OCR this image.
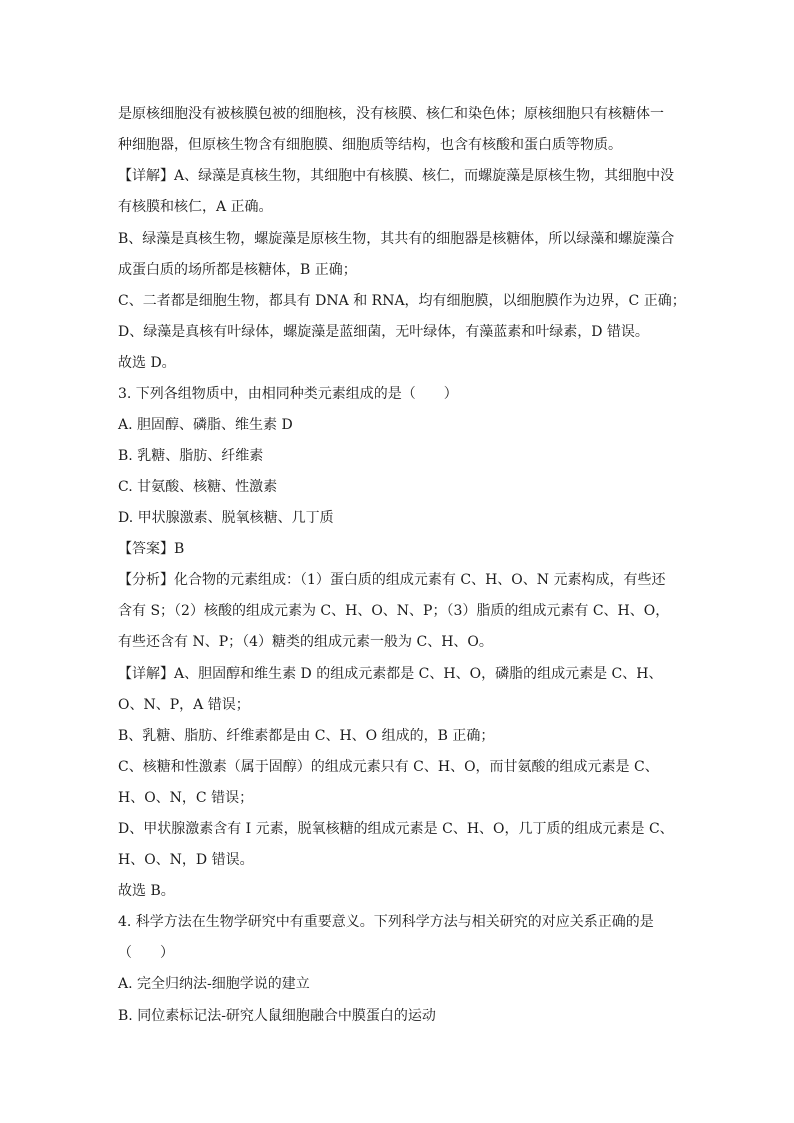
是原核细胞没有被核膜包被的细胞核，没有核膜、核仁和染色体；原核细胞只有核糖体一
种细胞器，但原核生物含有细胞膜、细胞质等结构，也含有核酸和蛋白质等物质。
【详解】A、绿藻是真核生物，其细胞中有核膜、核仁，而螺旋藻是原核生物，其细胞中没
有核膜和核仁，A 正确。
B、绿藻是真核生物，螺旋藻是原核生物，其共有的细胞器是核糖体，所以绿藻和螺旋藻合
成蛋白质的场所都是核糖体，B 正确；
C、二者都是细胞生物，都具有 DNA 和 RNA，均有细胞膜，以细胞膜作为边界，C 正确；
D、绿藻是真核有叶绿体，螺旋藻是蓝细菌，无叶绿体，有藻蓝素和叶绿素，D 错误。
故选 D。
3. 下列各组物质中，由相同种类元素组成的是（　　）
A. 胆固醇、磷脂、维生素 D
B. 乳糖、脂肪、纤维素
C. 甘氨酸、核糖、性激素
D. 甲状腺激素、脱氧核糖、几丁质
【答案】B
【分析】化合物的元素组成：（1）蛋白质的组成元素有 C、H、O、N 元素构成，有些还
含有 S；（2）核酸的组成元素为 C、H、O、N、P；（3）脂质的组成元素有 C、H、O，
有些还含有 N、P；（4）糖类的组成元素一般为 C、H、O。
【详解】A、胆固醇和维生素 D 的组成元素都是 C、H、O，磷脂的组成元素是 C、H、
O、N、P，A 错误；
B、乳糖、脂肪、纤维素都是由 C、H、O 组成的，B 正确；
C、核糖和性激素（属于固醇）的组成元素只有 C、H、O，而甘氨酸的组成元素是 C、
H、O、N，C 错误；
D、甲状腺激素含有 I 元素，脱氧核糖的组成元素是 C、H、O，几丁质的组成元素是 C、
H、O、N，D 错误。
故选 B。
4. 科学方法在生物学研究中有重要意义。下列科学方法与相关研究的对应关系正确的是
（　　）
A. 完全归纳法-细胞学说的建立
B. 同位素标记法-研究人鼠细胞融合中膜蛋白的运动
